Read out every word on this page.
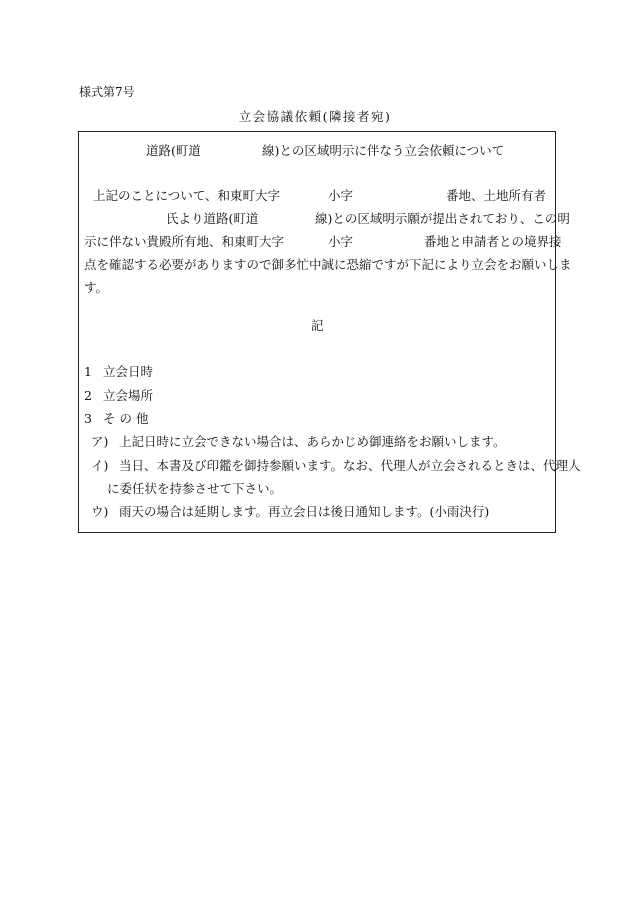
様式第7号
立会協議依頼(隣接者宛)
道路(町道	線)との区域明示に伴なう立会依頼について
上記のことについて、和東町大字	小字	番地、土地所有者
氏より道路(町道	線)との区域明示願が提出されており、この明
示に伴ない貴殿所有地、和東町大字	小字	番地と申請者との境界接
点を確認する必要がありますので御多忙中誠に恐縮ですが下記により立会をお願いしま
す。
記
1 立会日時
2 立会場所
3 そ の 他
ア) 上記日時に立会できない場合は、あらかじめ御連絡をお願いします。
イ) 当日、本書及び印鑑を御持参願います。なお、代理人が立会されるときは、代理人
に委任状を持参させて下さい。
ウ) 雨天の場合は延期します。再立会日は後日通知します。(小雨決行)
